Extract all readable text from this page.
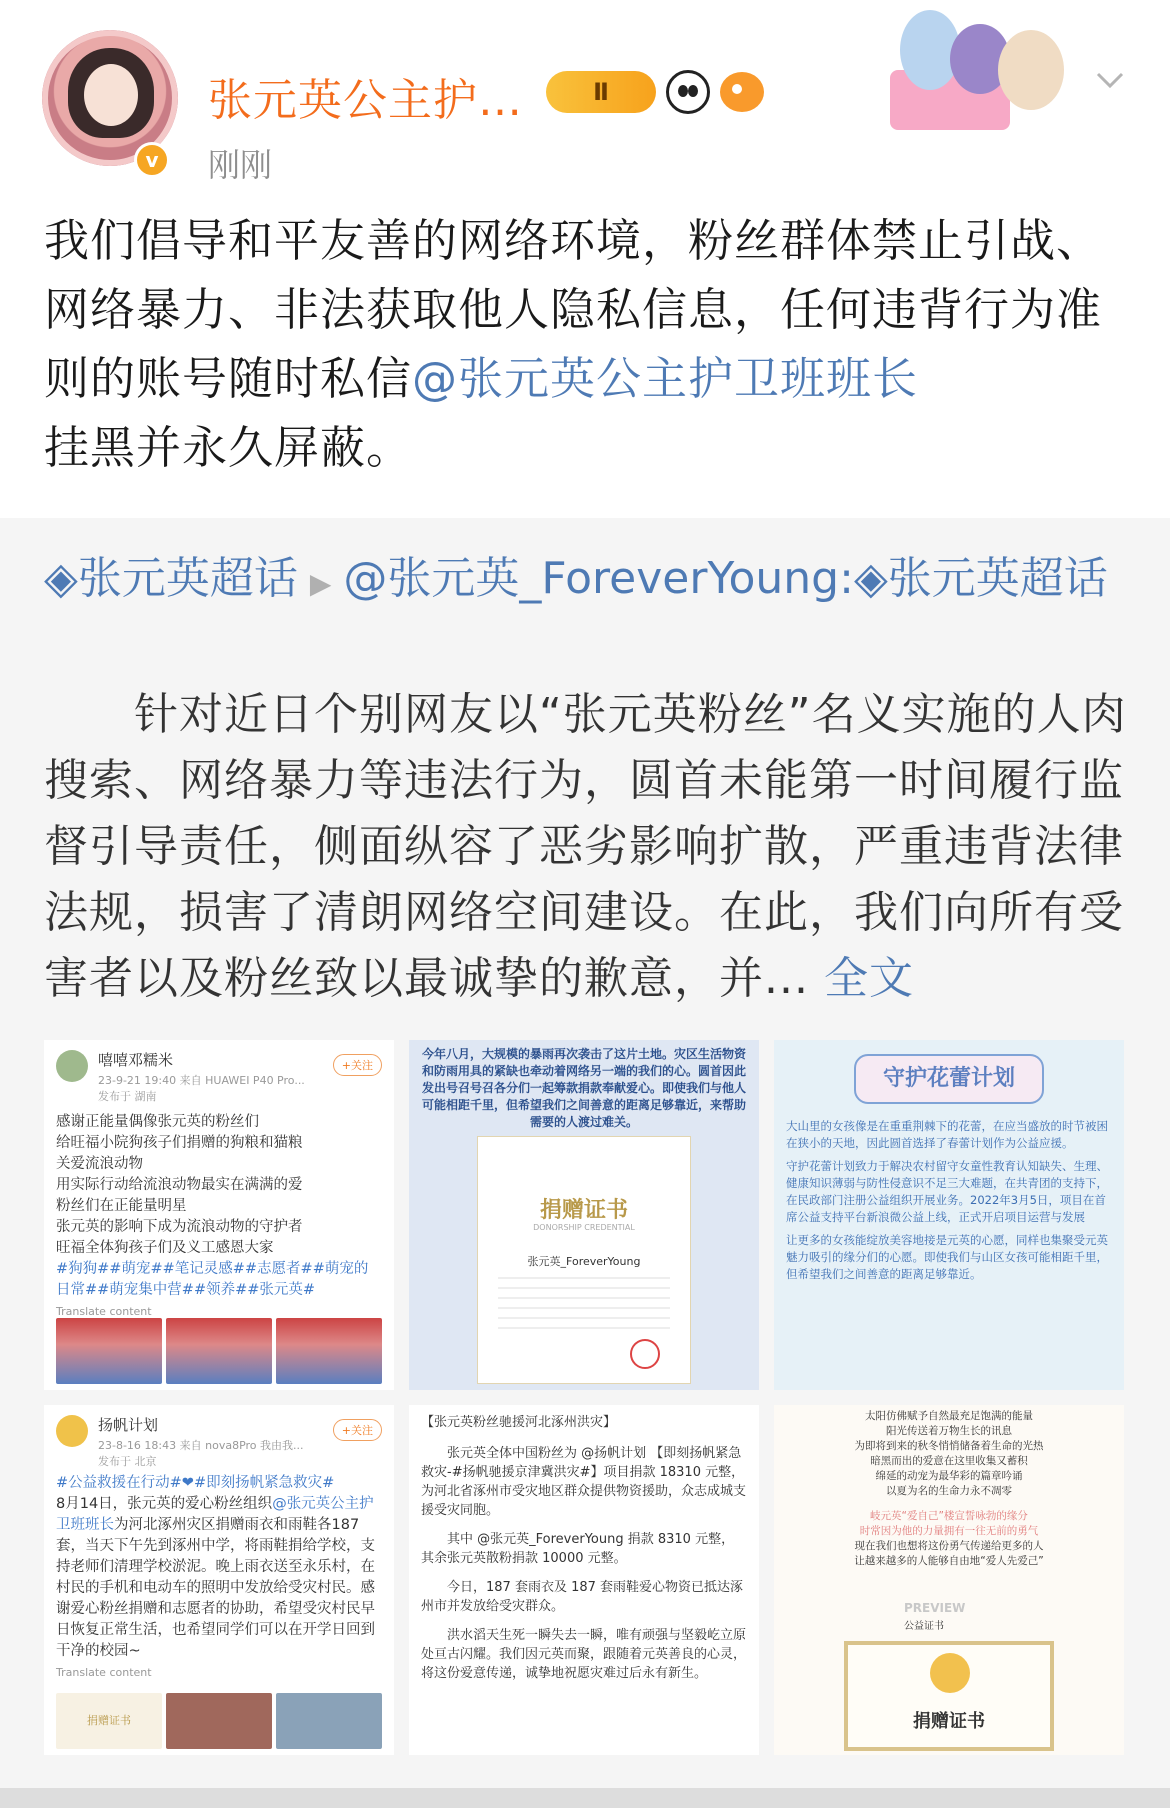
v
张元英公主护…	Ⅱ
刚刚
我们倡导和平友善的网络环境，粉丝群体禁止引战、网络暴力、非法获取他人隐私信息，任何违背行为准则的账号随时私信@张元英公主护卫班班长
挂黑并永久屏蔽。
◈张元英超话 ▶ @张元英_ForeverYoung:◈张元英超话
　　针对近日个别网友以“张元英粉丝”名义实施的人肉搜索、网络暴力等违法行为，圆首未能第一时间履行监督引导责任，侧面纵容了恶劣影响扩散，严重违背法律法规，损害了清朗网络空间建设。在此，我们向所有受害者以及粉丝致以最诚挚的歉意，并... 全文
嘻嘻邓糯米
23-9-21 19:40 来自 HUAWEI P40 Pro...
发布于 湖南
+关注
感谢正能量偶像张元英的粉丝们
给旺福小院狗孩子们捐赠的狗粮和猫粮
关爱流浪动物
用实际行动给流浪动物最实在满满的爱
粉丝们在正能量明星
张元英的影响下成为流浪动物的守护者
旺福全体狗孩子们及义工感恩大家
#狗狗##萌宠##笔记灵感##志愿者##萌宠的日常##萌宠集中营##领养##张元英#
Translate content
今年八月，大规模的暴雨再次袭击了这片土地。灾区生活物资和防雨用具的紧缺也牵动着网络另一端的我们的心。圆首因此发出号召号召各分们一起筹款捐款奉献爱心。即使我们与他人可能相距千里，但希望我们之间善意的距离足够靠近，来帮助需要的人渡过难关。
捐赠证书
DONORSHIP CREDENTIAL
张元英_ForeverYoung
守护花蕾计划
大山里的女孩像是在重重荆棘下的花蕾，在应当盛放的时节被困在狭小的天地，因此圆首选择了春蕾计划作为公益应援。
守护花蕾计划致力于解决农村留守女童性教育认知缺失、生理、健康知识薄弱与防性侵意识不足三大难题，在共青团的支持下，在民政部门注册公益组织开展业务。2022年3月5日，项目在首席公益支持平台新浪微公益上线，正式开启项目运营与发展
让更多的女孩能绽放美容地接是元英的心愿，同样也集聚受元英魅力吸引的缘分们的心愿。即使我们与山区女孩可能相距千里，但希望我们之间善意的距离足够靠近。
扬帆计划
23-8-16 18:43 来自 nova8Pro 我由我...
发布于 北京
+关注
#公益救援在行动#❤#即刻扬帆紧急救灾#
8月14日，张元英的爱心粉丝组织@张元英公主护卫班班长为河北涿州灾区捐赠雨衣和雨鞋各187套，当天下午先到涿州中学，将雨鞋捐给学校，支持老师们清理学校淤泥。晚上雨衣送至永乐村，在村民的手机和电动车的照明中发放给受灾村民。感谢爱心粉丝捐赠和志愿者的协助，希望受灾村民早日恢复正常生活，也希望同学们可以在开学日回到干净的校园~
Translate content
捐赠证书
【张元英粉丝驰援河北涿州洪灾】
张元英全体中国粉丝为 @扬帆计划 【即刻扬帆紧急救灾-#扬帆驰援京津冀洪灾#】项目捐款 18310 元整，为河北省涿州市受灾地区群众提供物资援助，众志成城支援受灾同胞。
其中 @张元英_ForeverYoung 捐款 8310 元整，其余张元英散粉捐款 10000 元整。
今日，187 套雨衣及 187 套雨鞋爱心物资已抵达涿州市并发放给受灾群众。
洪水滔天生死一瞬失去一瞬，唯有顽强与坚毅屹立原处亘古闪耀。我们因元英而聚，跟随着元英善良的心灵，将这份爱意传递，诚挚地祝愿灾难过后永有新生。
太阳仿佛赋予自然最充足饱满的能量
阳光传送着万物生长的讯息
为即将到来的秋冬悄悄储备着生命的光热
暗黑而出的爱意在这里收集又蓄积
绵延的动宠为最华彩的篇章吟诵
以夏为名的生命力永不凋零
岐元英“爱自己”楼宣誓咏勃的缘分
时常因为他的力量拥有一往无前的勇气
现在我们也想将这份勇气传递给更多的人
让越来越多的人能够自由地“爱人先爱己”
PREVIEW
公益证书
捐赠证书
